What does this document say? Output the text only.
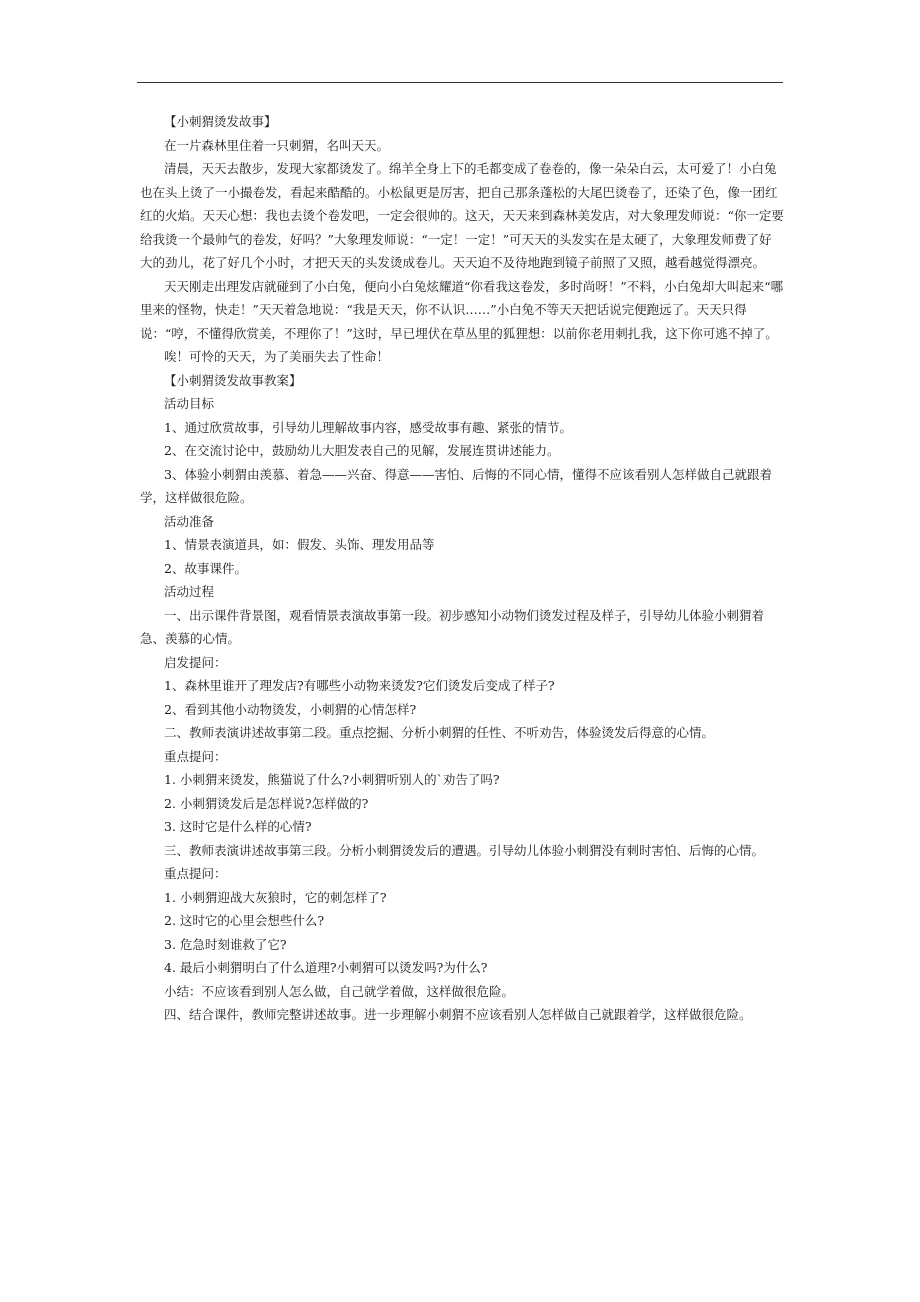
【小刺猬烫发故事】

在一片森林里住着一只刺猬，名叫天天。

清晨，天天去散步，发现大家都烫发了。绵羊全身上下的毛都变成了卷卷的，像一朵朵白云，太可爱了！小白兔也在头上烫了一小撮卷发，看起来酷酷的。小松鼠更是厉害，把自己那条蓬松的大尾巴烫卷了，还染了色，像一团红红的火焰。天天心想：我也去烫个卷发吧，一定会很帅的。这天，天天来到森林美发店，对大象理发师说：“你一定要给我烫一个最帅气的卷发，好吗？”大象理发师说：“一定！一定！”可天天的头发实在是太硬了，大象理发师费了好大的劲儿，花了好几个小时，才把天天的头发烫成卷儿。天天迫不及待地跑到镜子前照了又照，越看越觉得漂亮。

天天刚走出理发店就碰到了小白兔，便向小白兔炫耀道“你看我这卷发，多时尚呀！”不料，小白兔却大叫起来“哪里来的怪物，快走！”天天着急地说：“我是天天，你不认识……”小白兔不等天天把话说完便跑远了。天天只得说：“哼，不懂得欣赏美，不理你了！”这时，早已埋伏在草丛里的狐狸想：以前你老用刺扎我，这下你可逃不掉了。

唉！可怜的天天，为了美丽失去了性命！

【小刺猬烫发故事教案】

活动目标

1、通过欣赏故事，引导幼儿理解故事内容，感受故事有趣、紧张的情节。

2、在交流讨论中，鼓励幼儿大胆发表自己的见解，发展连贯讲述能力。

3、体验小刺猬由羡慕、着急——兴奋、得意——害怕、后悔的不同心情，懂得不应该看别人怎样做自己就跟着学，这样做很危险。

活动准备

1、情景表演道具，如：假发、头饰、理发用品等

2、故事课件。

活动过程

一、出示课件背景图，观看情景表演故事第一段。初步感知小动物们烫发过程及样子，引导幼儿体验小刺猬着急、羡慕的心情。

启发提问：

1、森林里谁开了理发店?有哪些小动物来烫发?它们烫发后变成了样子?

2、看到其他小动物烫发，小刺猬的心情怎样?

二、教师表演讲述故事第二段。重点挖掘、分析小刺猬的任性、不听劝告，体验烫发后得意的心情。

重点提问：

1. 小刺猬来烫发，熊猫说了什么?小刺猬听别人的`劝告了吗?

2. 小刺猬烫发后是怎样说?怎样做的?

3. 这时它是什么样的心情?

三、教师表演讲述故事第三段。分析小刺猬烫发后的遭遇。引导幼儿体验小刺猬没有刺时害怕、后悔的心情。

重点提问：

1. 小刺猬迎战大灰狼时，它的刺怎样了?

2. 这时它的心里会想些什么?

3. 危急时刻谁救了它?

4. 最后小刺猬明白了什么道理?小刺猬可以烫发吗?为什么?

小结：不应该看到别人怎么做，自己就学着做，这样做很危险。

四、结合课件，教师完整讲述故事。进一步理解小刺猬不应该看别人怎样做自己就跟着学，这样做很危险。
